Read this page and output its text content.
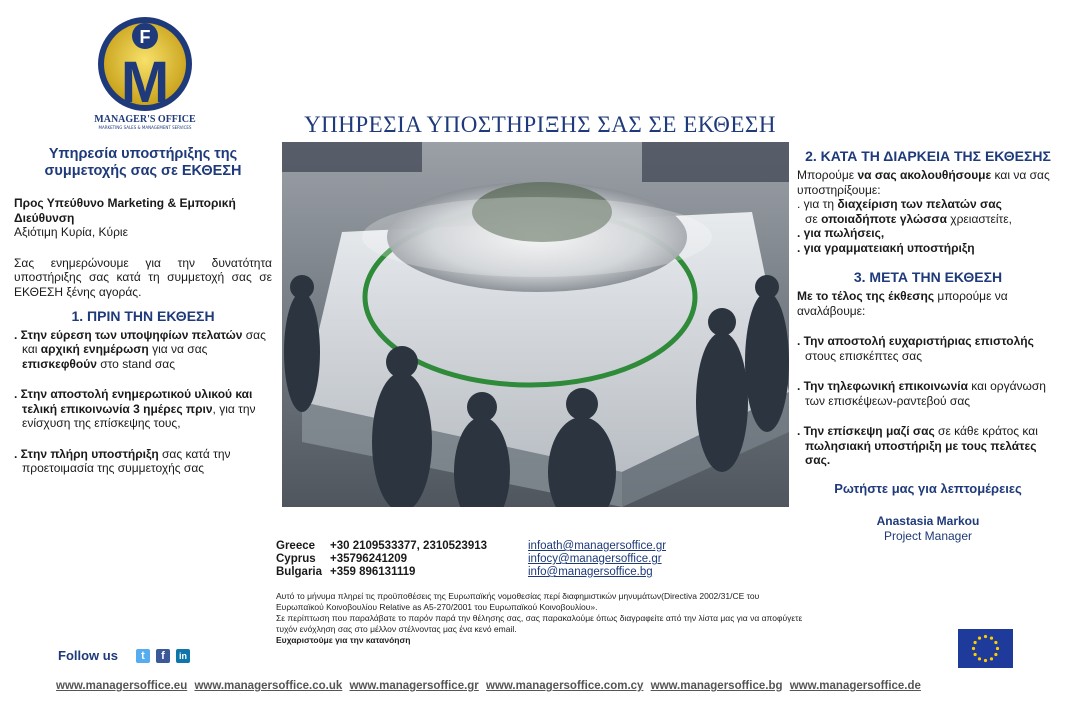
F
M
MANAGER'S OFFICE
MARKETING SALES & MANAGEMENT SERVICES	ΥΠΗΡΕΣΙΑ ΥΠΟΣΤΗΡΙΞΗΣ ΣΑΣ ΣΕ ΕΚΘΕΣΗ
Υπηρεσία υποστήριξης της συμμετοχής σας σε ΕΚΘΕΣΗ
Προς Υπεύθυνο Marketing & Εμπορική Διεύθυνση
Αξιότιμη Κυρία, Κύριε
Σας ενημερώνουμε για την δυνατότητα υποστήριξης σας κατά τη συμμετοχή σας σε ΕΚΘΕΣΗ ξένης αγοράς.
1. ΠΡΙΝ ΤΗΝ ΕΚΘΕΣΗ
. Στην εύρεση των υποψηφίων πελατών σας και αρχική ενημέρωση για να σας επισκεφθούν στο stand σας
. Στην αποστολή ενημερωτικού υλικού και τελική επικοινωνία 3 ημέρες πριν, για την ενίσχυση της επίσκεψης τους,
. Στην πλήρη υποστήριξη σας κατά την προετοιμασία της συμμετοχής σας
2. ΚΑΤΑ ΤΗ ΔΙΑΡΚΕΙΑ ΤΗΣ ΕΚΘΕΣΗΣ
Μπορούμε να σας ακολουθήσουμε και να σας υποστηρίξουμε:
. για τη διαχείριση των πελατών σας
σε οποιαδήποτε γλώσσα χρειαστείτε,
. για πωλήσεις,
. για γραμματειακή υποστήριξη
3. ΜΕΤΑ ΤΗΝ ΕΚΘΕΣΗ
Με το τέλος της έκθεσης μπορούμε να αναλάβουμε:
. Την αποστολή ευχαριστήριας επιστολής στους επισκέπτες σας
. Την τηλεφωνική επικοινωνία και οργάνωση των επισκέψεων-ραντεβού σας
. Την επίσκεψη μαζί σας σε κάθε κράτος και πωλησιακή υποστήριξη με τους πελάτες σας.
Ρωτήστε μας για λεπτομέρειες
Anastasia Markou
Project Manager
Greece	+30 2109533377, 2310523913	infoath@managersoffice.gr
Cyprus	+35796241209	infocy@managersoffice.gr
Bulgaria +359 896131119	info@managersoffice.bg
Αυτό το μήνυμα πληρεί τις προϋποθέσεις της Ευρωπαϊκής νομοθεσίας περί διαφημιστικών μηνυμάτων(Directiva 2002/31/CE του Ευρωπαϊκού Κοινοβουλίου Relative as A5-270/2001 του Ευρωπαϊκού Κοινοβουλίου».
Σε περίπτωση που παραλάβατε το παρόν παρά την θέλησης σας, σας παρακαλούμε όπως διαγραφείτε από την λίστα μας για να αποφύγετε τυχόν ενόχληση σας στο μέλλον στέλνοντας μας ένα κενό email.
Ευχαριστούμε για την κατανόηση
Follow us	t	f	in
www.managersoffice.eu www.managersoffice.co.uk www.managersoffice.gr www.managersoffice.com.cy www.managersoffice.bg www.managersoffice.de
